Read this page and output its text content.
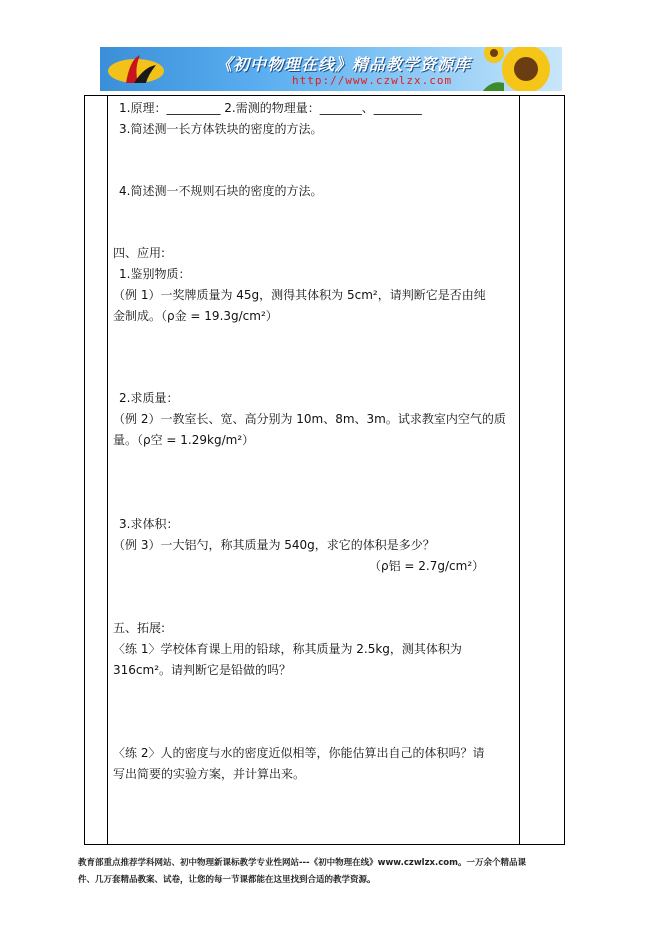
《初中物理在线》精品教学资源库
http://www.czwlzx.com
1.原理：_________ 2.需测的物理量：_______、________
3.简述测一长方体铁块的密度的方法。
4.简述测一不规则石块的密度的方法。
四、应用:
1.鉴别物质：
（例 1）一奖牌质量为 45g，测得其体积为 5cm²，请判断它是否由纯
金制成。（ρ金 = 19.3g/cm²）
2.求质量：
（例 2）一教室长、宽、高分别为 10m、8m、3m。试求教室内空气的质
量。（ρ空 = 1.29kg/m²）
3.求体积：
（例 3）一大铝勺，称其质量为 540g，求它的体积是多少？
（ρ铝 = 2.7g/cm²）
五、拓展:
〈练 1〉学校体育课上用的铅球，称其质量为 2.5kg，测其体积为
316cm²。请判断它是铅做的吗？
〈练 2〉人的密度与水的密度近似相等，你能估算出自己的体积吗？请
写出简要的实验方案，并计算出来。
教育部重点推荐学科网站、初中物理新课标教学专业性网站---《初中物理在线》www.czwlzx.com。一万余个精品课
件、几万套精品教案、试卷，让您的每一节课都能在这里找到合适的教学资源。
